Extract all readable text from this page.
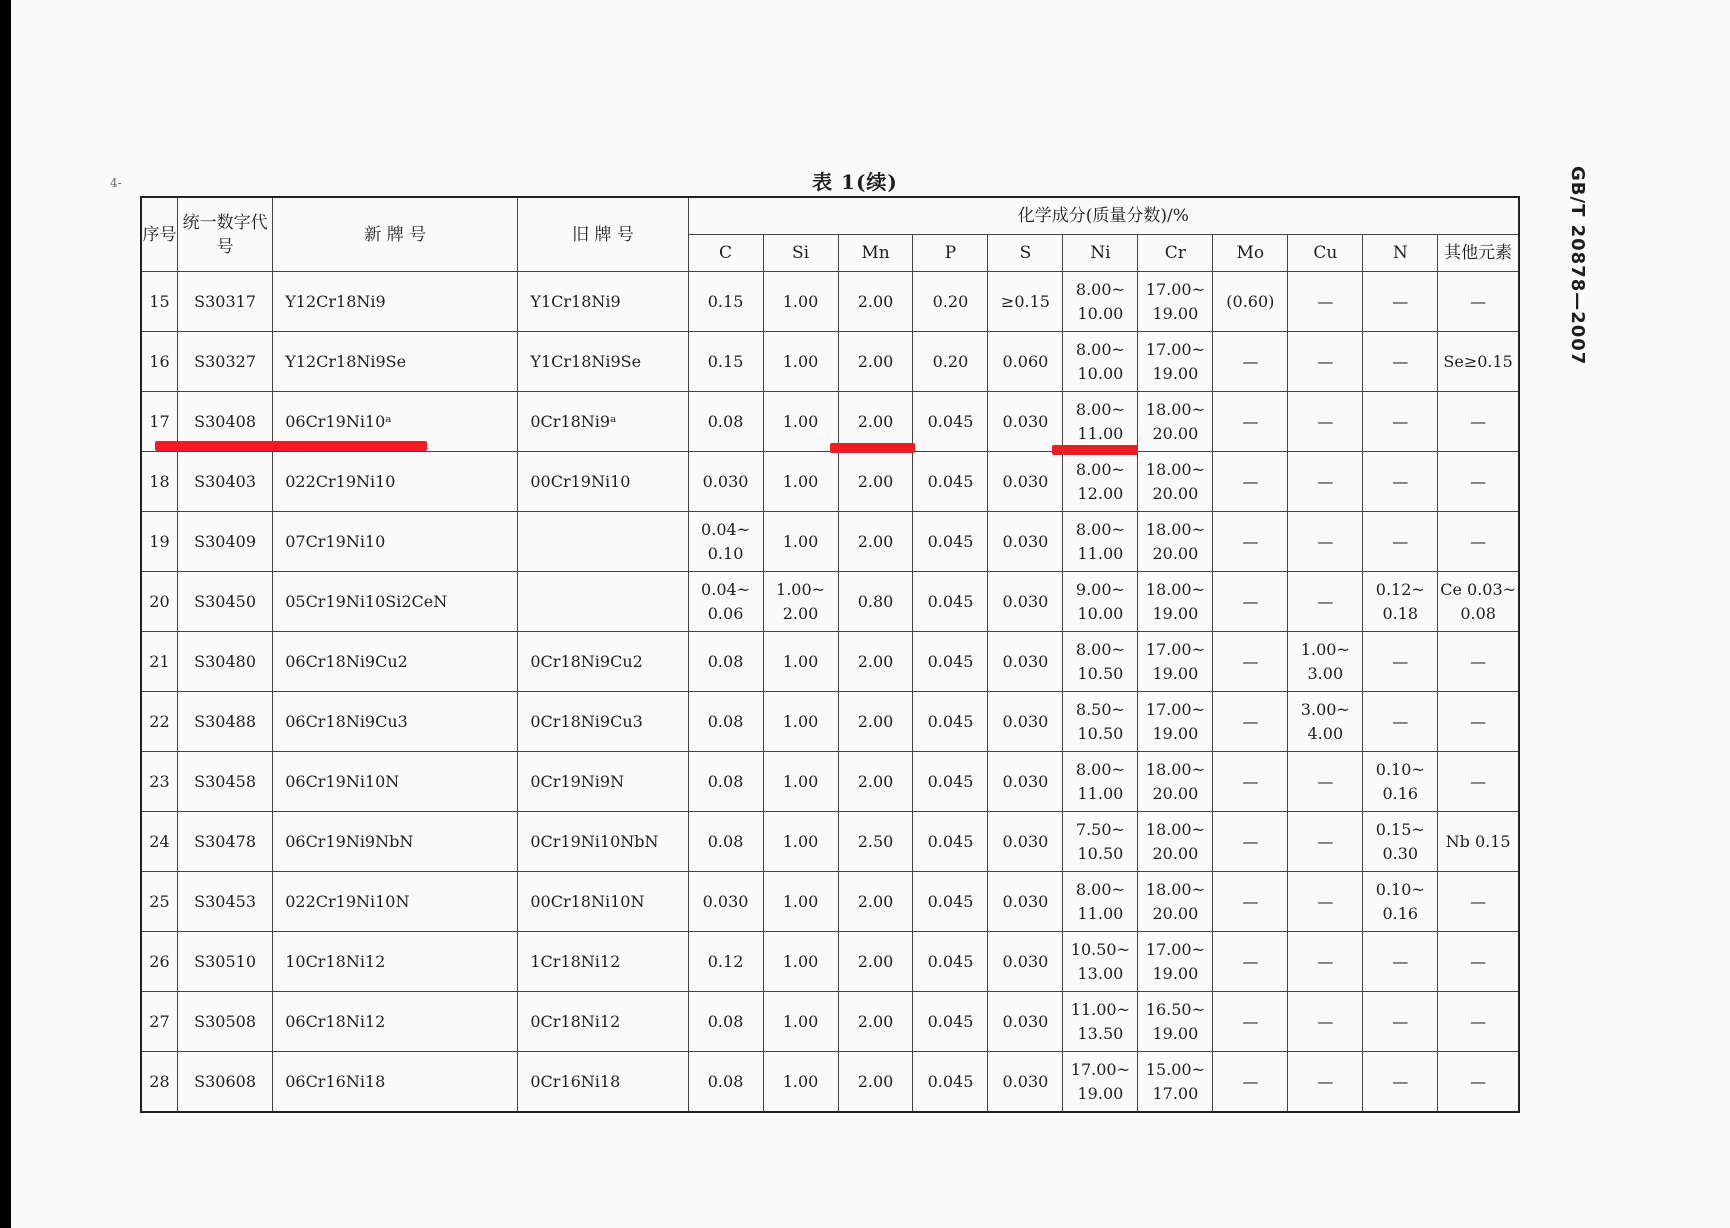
4-	表 1(续)	GB/T 20878—2007
序号	统一数字代号	新 牌 号	旧 牌 号	化学成分(质量分数)/%										
				C	Si	Mn	P	S	Ni	Cr	Mo	Cu	N	其他元素
15	S30317	Y12Cr18Ni9	Y1Cr18Ni9	0.15	1.00	2.00	0.20	≥0.15	8.00~ 10.00	17.00~ 19.00	(0.60)	—	—	—
16	S30327	Y12Cr18Ni9Se	Y1Cr18Ni9Se	0.15	1.00	2.00	0.20	0.060	8.00~ 10.00	17.00~ 19.00	—	—	—	Se≥0.15
17	S30408	06Cr19Ni10ᵃ	0Cr18Ni9ᵃ	0.08	1.00	2.00	0.045	0.030	8.00~ 11.00	18.00~ 20.00	—	—	—	—
18	S30403	022Cr19Ni10	00Cr19Ni10	0.030	1.00	2.00	0.045	0.030	8.00~ 12.00	18.00~ 20.00	—	—	—	—
19	S30409	07Cr19Ni10		0.04~ 0.10	1.00	2.00	0.045	0.030	8.00~ 11.00	18.00~ 20.00	—	—	—	—
20	S30450	05Cr19Ni10Si2CeN		0.04~ 0.06	1.00~ 2.00	0.80	0.045	0.030	9.00~ 10.00	18.00~ 19.00	—	—	0.12~ 0.18	Ce 0.03~ 0.08
21	S30480	06Cr18Ni9Cu2	0Cr18Ni9Cu2	0.08	1.00	2.00	0.045	0.030	8.00~ 10.50	17.00~ 19.00	—	1.00~ 3.00	—	—
22	S30488	06Cr18Ni9Cu3	0Cr18Ni9Cu3	0.08	1.00	2.00	0.045	0.030	8.50~ 10.50	17.00~ 19.00	—	3.00~ 4.00	—	—
23	S30458	06Cr19Ni10N	0Cr19Ni9N	0.08	1.00	2.00	0.045	0.030	8.00~ 11.00	18.00~ 20.00	—	—	0.10~ 0.16	—
24	S30478	06Cr19Ni9NbN	0Cr19Ni10NbN	0.08	1.00	2.50	0.045	0.030	7.50~ 10.50	18.00~ 20.00	—	—	0.15~ 0.30	Nb 0.15
25	S30453	022Cr19Ni10N	00Cr18Ni10N	0.030	1.00	2.00	0.045	0.030	8.00~ 11.00	18.00~ 20.00	—	—	0.10~ 0.16	—
26	S30510	10Cr18Ni12	1Cr18Ni12	0.12	1.00	2.00	0.045	0.030	10.50~ 13.00	17.00~ 19.00	—	—	—	—
27	S30508	06Cr18Ni12	0Cr18Ni12	0.08	1.00	2.00	0.045	0.030	11.00~ 13.50	16.50~ 19.00	—	—	—	—
28	S30608	06Cr16Ni18	0Cr16Ni18	0.08	1.00	2.00	0.045	0.030	17.00~ 19.00	15.00~ 17.00	—	—	—	—
